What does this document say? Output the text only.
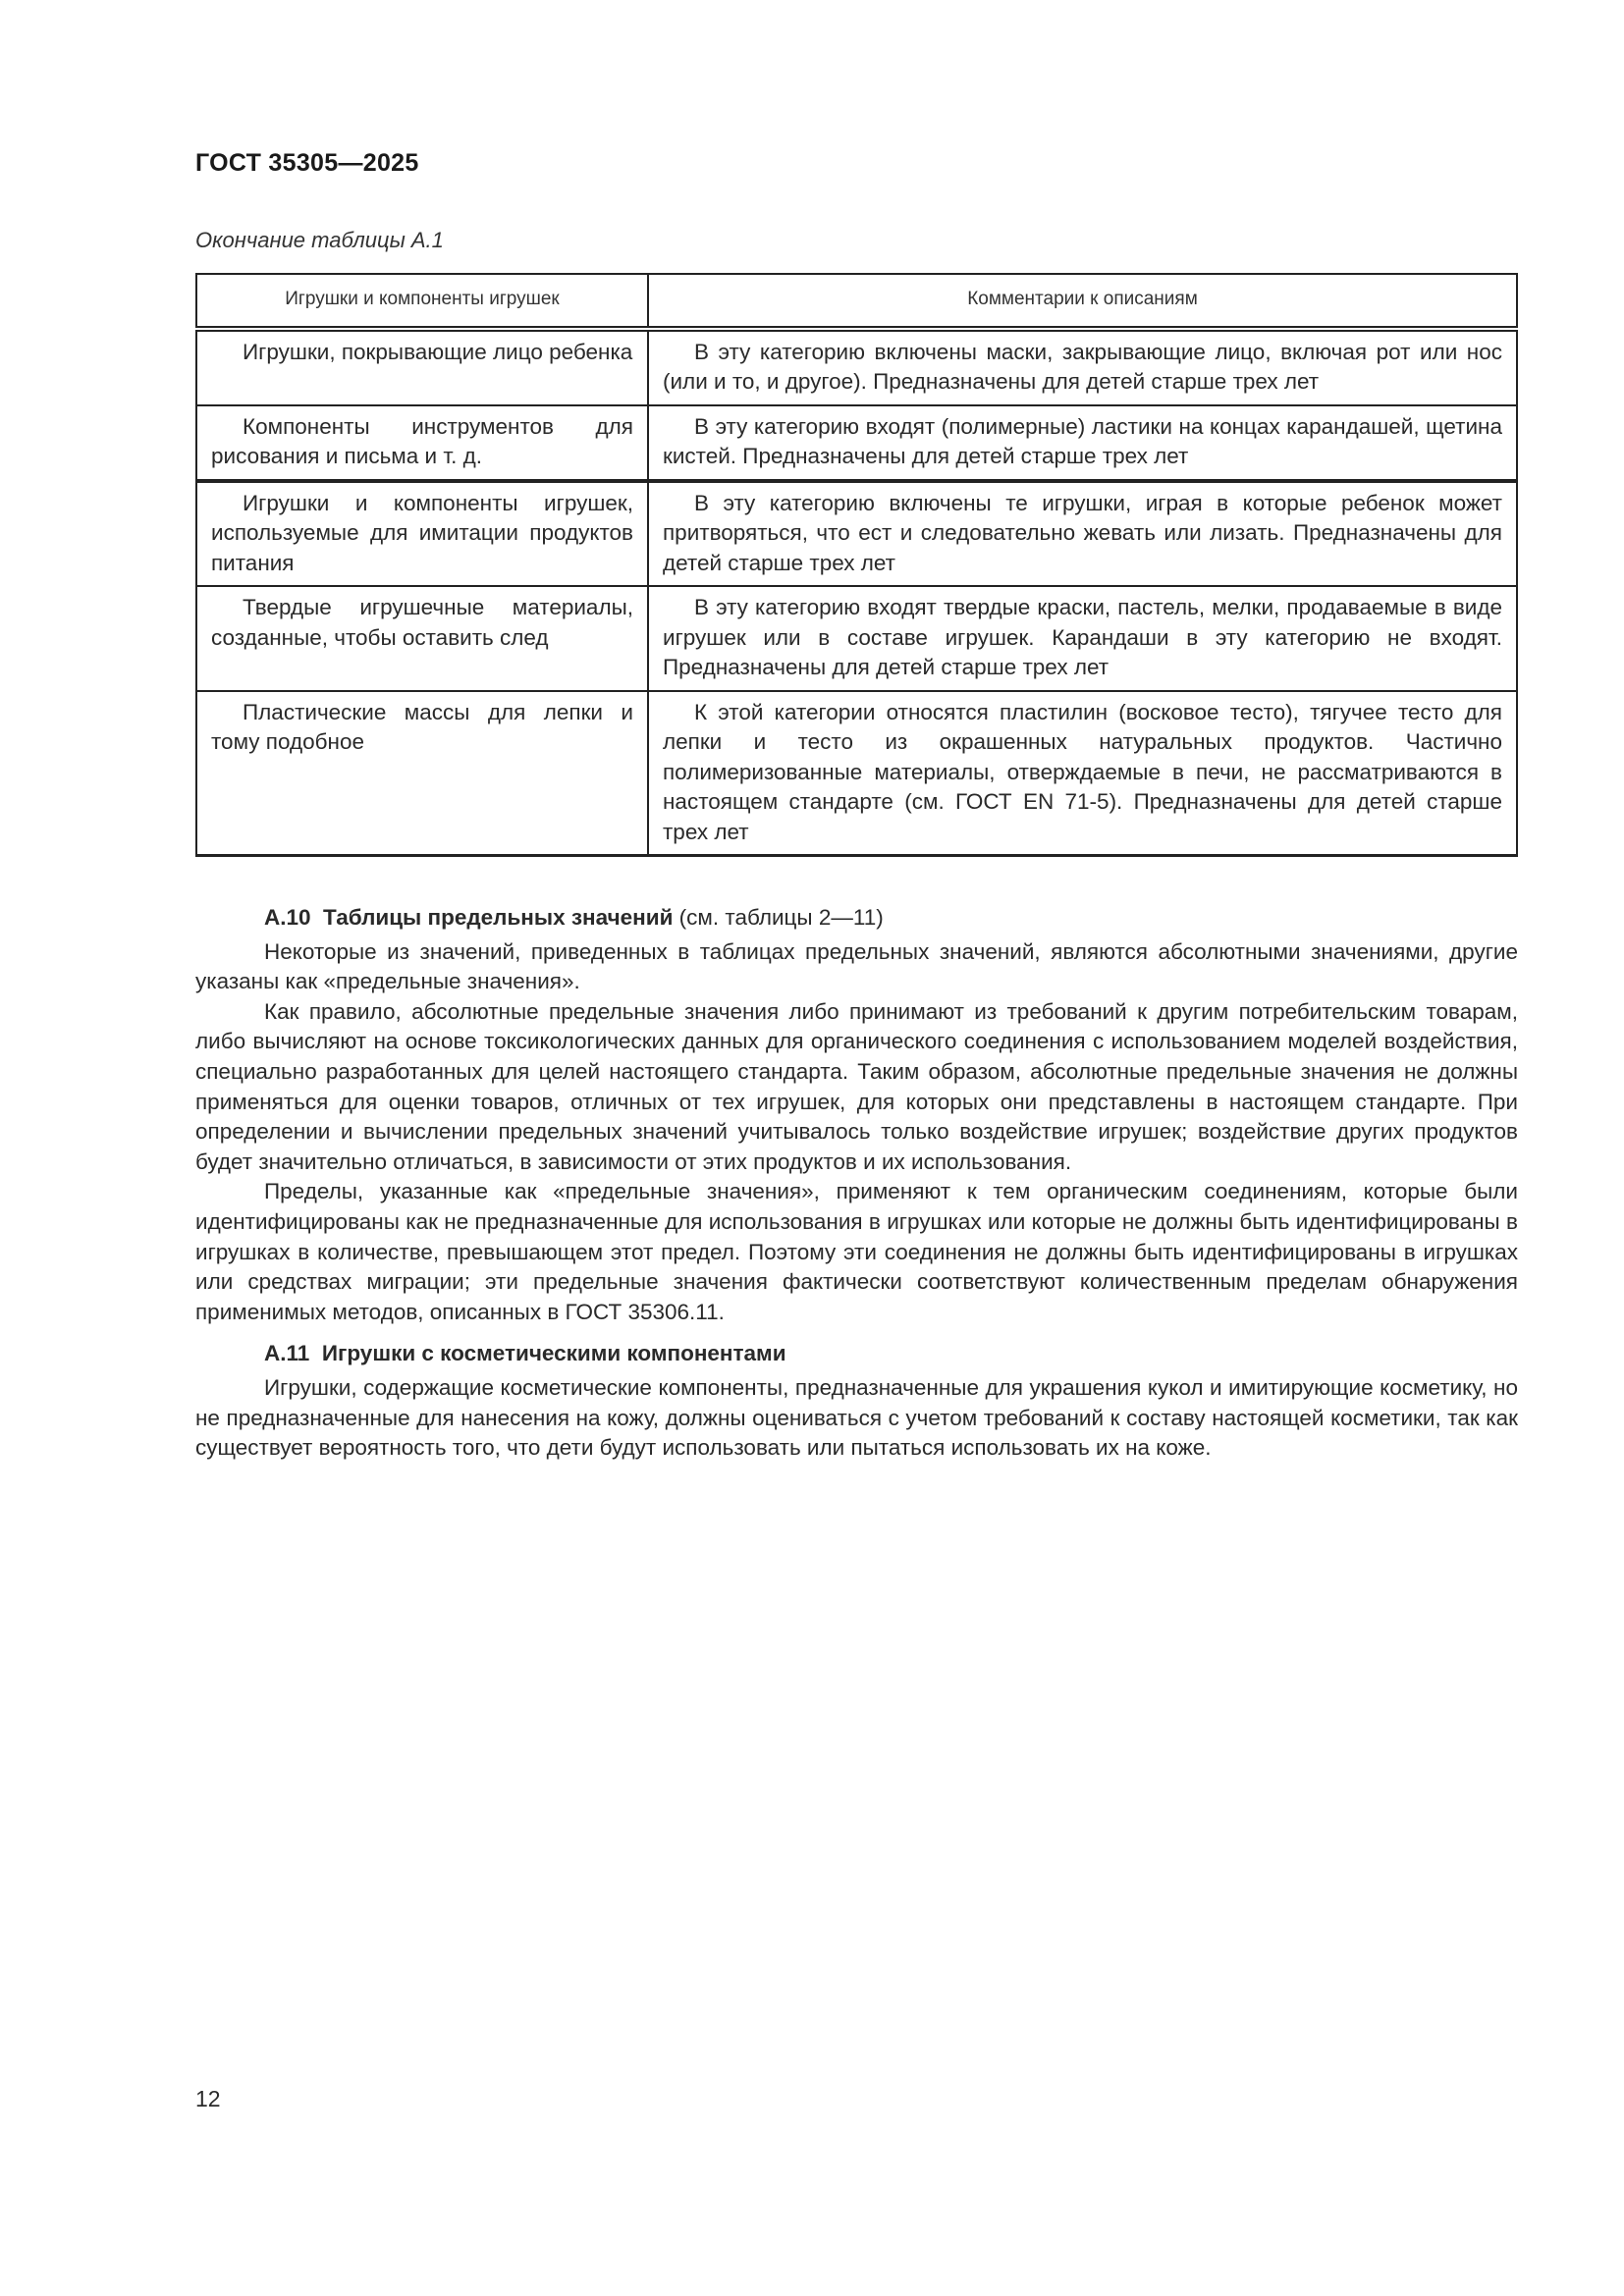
ГОСТ 35305—2025
Окончание таблицы А.1
Игрушки и компоненты игрушек	Комментарии к описаниям

Игрушки, покрывающие лицо ребенка	В эту категорию включены маски, закрывающие лицо, включая рот или нос (или и то, и другое). Предназначены для детей старше трех лет

Компоненты инструментов для рисования и письма и т. д.	В эту категорию входят (полимерные) ластики на концах карандашей, щетина кистей. Предназначены для детей старше трех лет

Игрушки и компоненты игрушек, используемые для имитации продуктов питания	В эту категорию включены те игрушки, играя в которые ребенок может притворяться, что ест и следовательно жевать или лизать. Предназначены для детей старше трех лет

Твердые игрушечные материалы, созданные, чтобы оставить след	В эту категорию входят твердые краски, пастель, мелки, продаваемые в виде игрушек или в составе игрушек. Карандаши в эту категорию не входят. Предназначены для детей старше трех лет

Пластические массы для лепки и тому подобное	К этой категории относятся пластилин (восковое тесто), тягучее тесто для лепки и тесто из окрашенных натуральных продуктов. Частично полимеризованные материалы, отверждаемые в печи, не рассматриваются в настоящем стандарте (см. ГОСТ EN 71-5). Предназначены для детей старше трех лет

А.10 Таблицы предельных значений (см. таблицы 2—11)

Некоторые из значений, приведенных в таблицах предельных значений, являются абсолютными значениями, другие указаны как «предельные значения».

Как правило, абсолютные предельные значения либо принимают из требований к другим потребительским товарам, либо вычисляют на основе токсикологических данных для органического соединения с использованием моделей воздействия, специально разработанных для целей настоящего стандарта. Таким образом, абсолютные предельные значения не должны применяться для оценки товаров, отличных от тех игрушек, для которых они представлены в настоящем стандарте. При определении и вычислении предельных значений учитывалось только воздействие игрушек; воздействие других продуктов будет значительно отличаться, в зависимости от этих продуктов и их использования.

Пределы, указанные как «предельные значения», применяют к тем органическим соединениям, которые были идентифицированы как не предназначенные для использования в игрушках или которые не должны быть идентифицированы в игрушках в количестве, превышающем этот предел. Поэтому эти соединения не должны быть идентифицированы в игрушках или средствах миграции; эти предельные значения фактически соответствуют количественным пределам обнаружения применимых методов, описанных в ГОСТ 35306.11.

А.11 Игрушки с косметическими компонентами

Игрушки, содержащие косметические компоненты, предназначенные для украшения кукол и имитирующие косметику, но не предназначенные для нанесения на кожу, должны оцениваться с учетом требований к составу настоящей косметики, так как существует вероятность того, что дети будут использовать или пытаться использовать их на коже.

12
